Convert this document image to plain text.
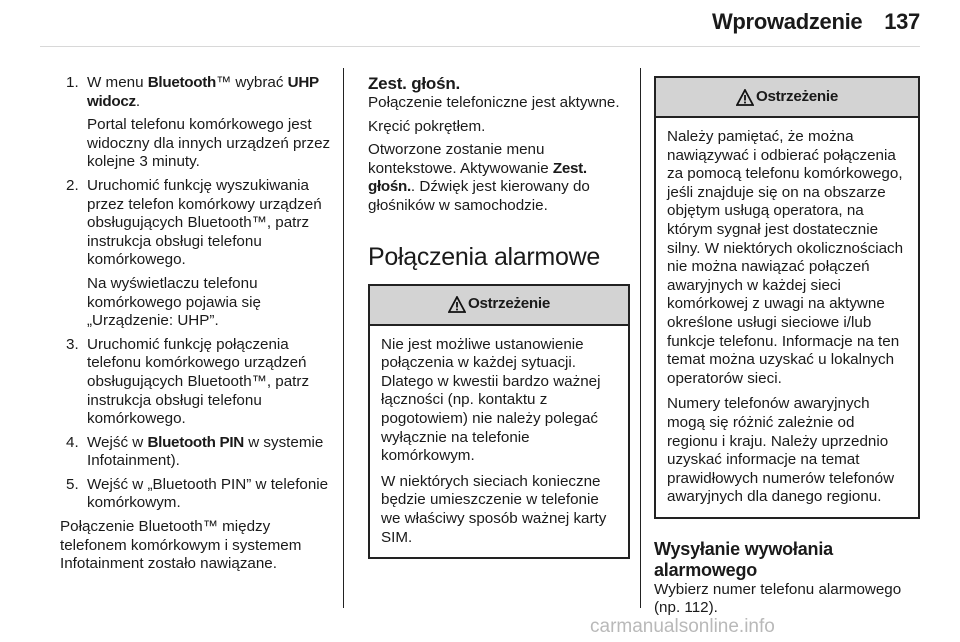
Wprowadzenie 137
1. W menu Bluetooth™ wybrać UHP widocz.

Portal telefonu komórkowego jest widoczny dla innych urządzeń przez kolejne 3 minuty.

2. Uruchomić funkcję wyszukiwania przez telefon komórkowy urządzeń obsługujących Bluetooth™, patrz instrukcja obsługi telefonu komórkowego.

Na wyświetlaczu telefonu komórkowego pojawia się „Urządzenie: UHP”.

3. Uruchomić funkcję połączenia telefonu komórkowego urządzeń obsługujących Bluetooth™, patrz instrukcja obsługi telefonu komórkowego.

4. Wejść w Bluetooth PIN w systemie Infotainment).

5. Wejść w „Bluetooth PIN” w telefonie komórkowym.

Połączenie Bluetooth™ między telefonem komórkowym i systemem Infotainment zostało nawiązane.

Zest. głośn.

Połączenie telefoniczne jest aktywne.

Kręcić pokrętłem.

Otworzone zostanie menu kontekstowe. Aktywowanie Zest. głośn.. Dźwięk jest kierowany do głośników w samochodzie.

Połączenia alarmowe
Ostrzeżenie

Nie jest możliwe ustanowienie połączenia w każdej sytuacji. Dlatego w kwestii bardzo ważnej łączności (np. kontaktu z pogotowiem) nie należy polegać wyłącznie na telefonie komórkowym.

W niektórych sieciach konieczne będzie umieszczenie w telefonie we właściwy sposób ważnej karty SIM.

Ostrzeżenie

Należy pamiętać, że można nawiązywać i odbierać połączenia za pomocą telefonu komórkowego, jeśli znajduje się on na obszarze objętym usługą operatora, na którym sygnał jest dostatecznie silny. W niektórych okolicznościach nie można nawiązać połączeń awaryjnych w każdej sieci komórkowej z uwagi na aktywne określone usługi sieciowe i/lub funkcje telefonu. Informacje na ten temat można uzyskać u lokalnych operatorów sieci.

Numery telefonów awaryjnych mogą się różnić zależnie od regionu i kraju. Należy uprzednio uzyskać informacje na temat prawidłowych numerów telefonów awaryjnych dla danego regionu.

Wysyłanie wywołania
alarmowego

Wybierz numer telefonu alarmowego (np. 112).

carmanualsonline.info
